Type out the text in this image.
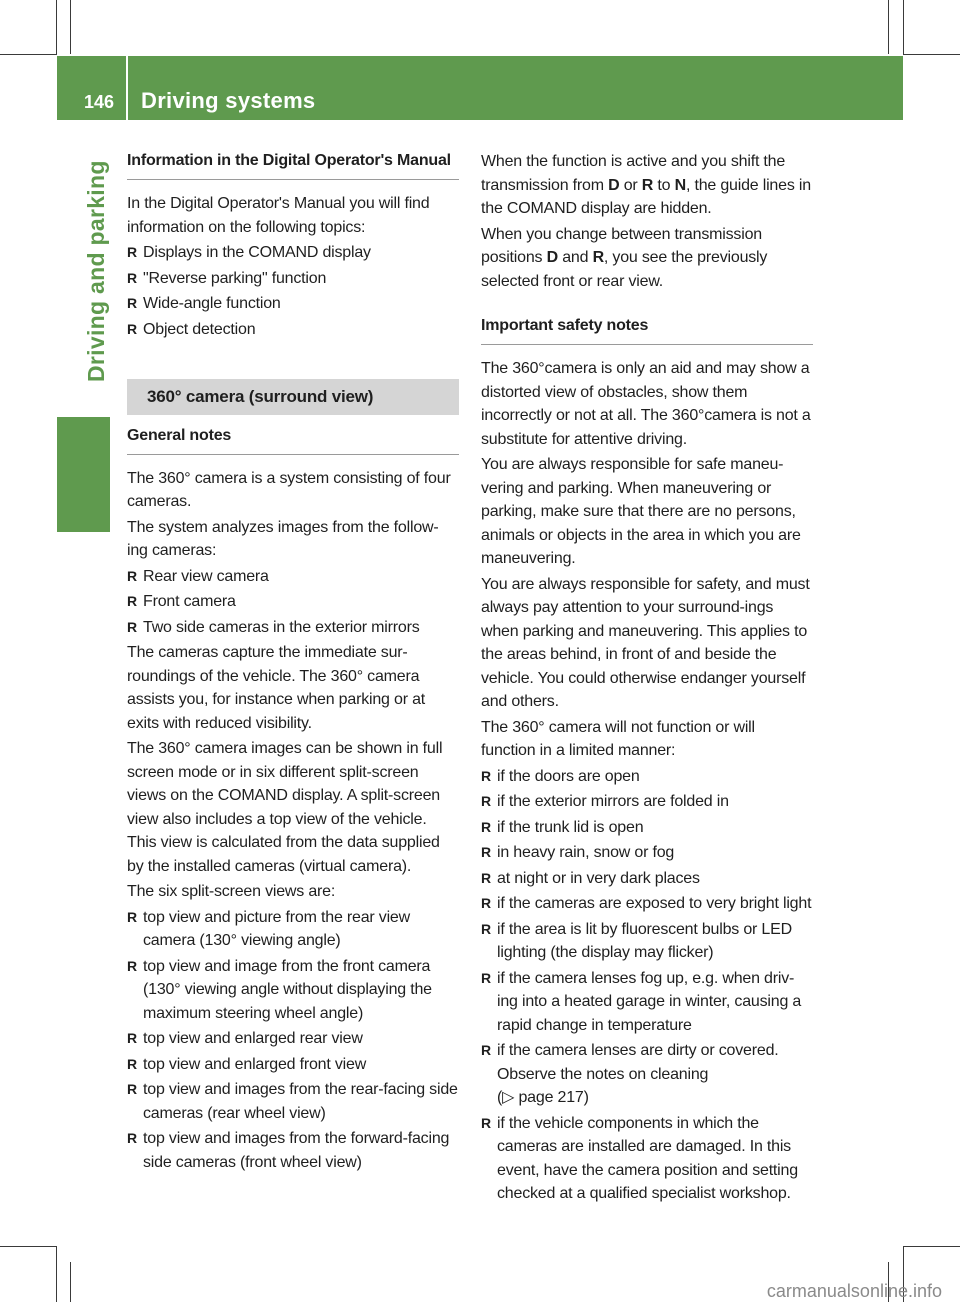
146 Driving systems
Driving and parking Information in the Digital Operator's Manual

In the Digital Operator's Manual you will find information on the following topics:

R Displays in the COMAND display
R "Reverse parking" function
R Wide-angle function
R Object detection
360° camera (surround view)
General notes

The 360° camera is a system consisting of four cameras.

The system analyzes images from the follow-ing cameras:

R Rear view camera
R Front camera
R Two side cameras in the exterior mirrors

The cameras capture the immediate sur-roundings of the vehicle. The 360° camera assists you, for instance when parking or at exits with reduced visibility.

The 360° camera images can be shown in full screen mode or in six different split-screen views on the COMAND display. A split-screen view also includes a top view of the vehicle. This view is calculated from the data supplied by the installed cameras (virtual camera).

The six split-screen views are:

R top view and picture from the rear view camera (130° viewing angle)
R top view and image from the front camera (130° viewing angle without displaying the maximum steering wheel angle)
R top view and enlarged rear view
R top view and enlarged front view
R top view and images from the rear-facing side cameras (rear wheel view)
R top view and images from the forward-facing side cameras (front wheel view)

When the function is active and you shift the transmission from D or R to N, the guide lines in the COMAND display are hidden.

When you change between transmission positions D and R, you see the previously selected front or rear view.

Important safety notes

The 360°camera is only an aid and may show a distorted view of obstacles, show them incorrectly or not at all. The 360°camera is not a substitute for attentive driving.

You are always responsible for safe maneu-vering and parking. When maneuvering or parking, make sure that there are no persons, animals or objects in the area in which you are maneuvering.

You are always responsible for safety, and must always pay attention to your surround-ings when parking and maneuvering. This applies to the areas behind, in front of and beside the vehicle. You could otherwise endanger yourself and others.

The 360° camera will not function or will function in a limited manner:

R if the doors are open
R if the exterior mirrors are folded in
R if the trunk lid is open
R in heavy rain, snow or fog
R at night or in very dark places
R if the cameras are exposed to very bright light
R if the area is lit by fluorescent bulbs or LED lighting (the display may flicker)
R if the camera lenses fog up, e.g. when driv-ing into a heated garage in winter, causing a rapid change in temperature
R if the camera lenses are dirty or covered. Observe the notes on cleaning
(▷ page 217)
R if the vehicle components in which the cameras are installed are damaged. In this event, have the camera position and setting checked at a qualified specialist workshop.
carmanualsonline.info
